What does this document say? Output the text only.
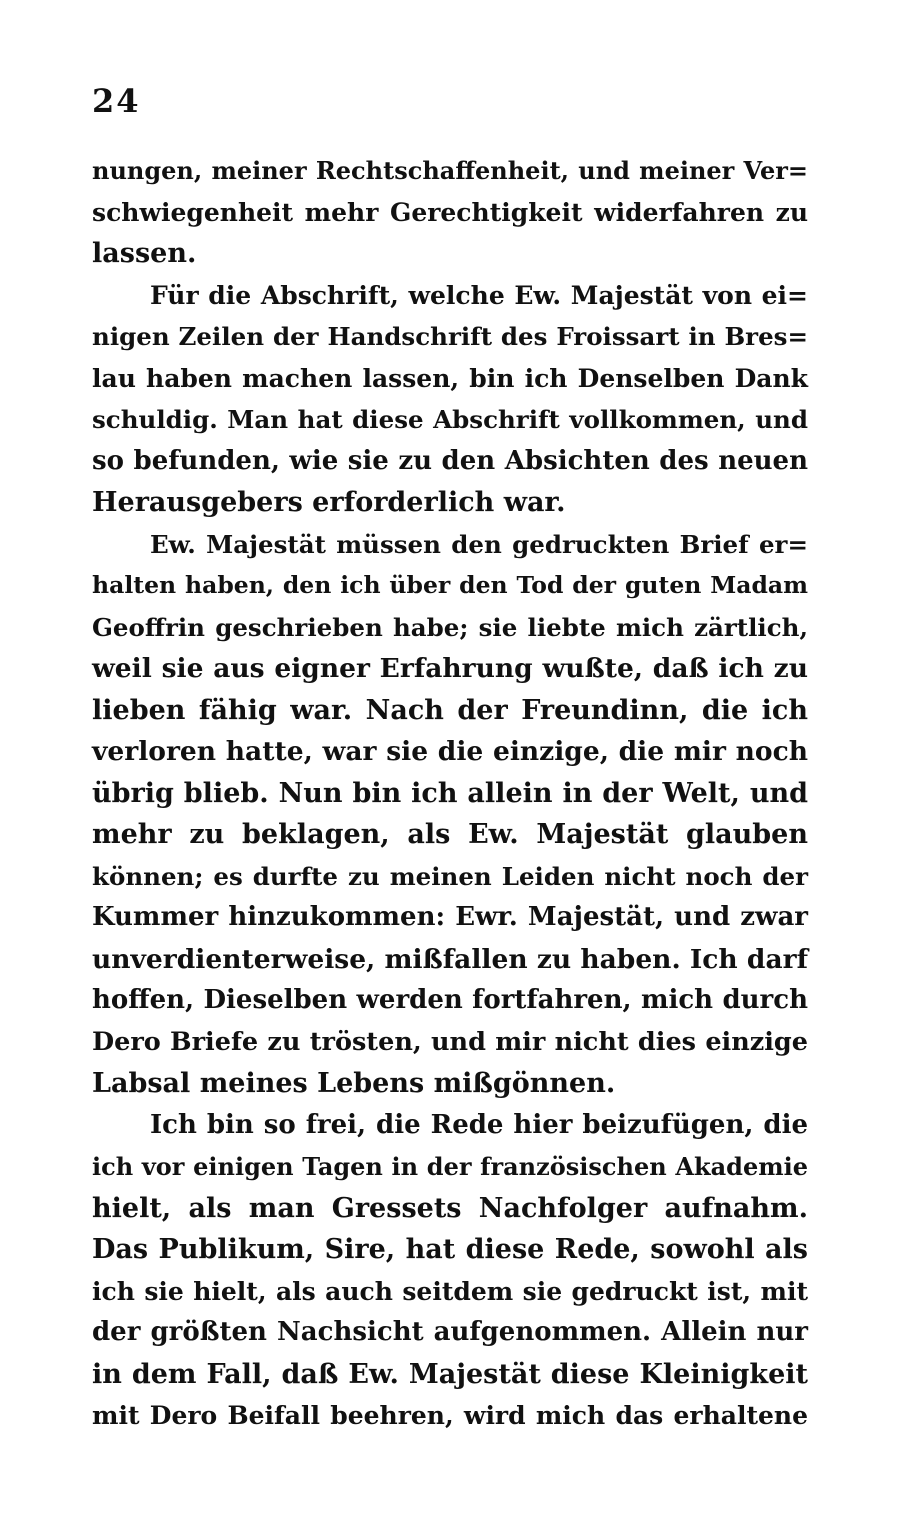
24
nungen, meiner Rechtschaffenheit, und meiner Ver=
schwiegenheit mehr Gerechtigkeit widerfahren zu
lassen.
Für die Abschrift, welche Ew. Majestät von ei=
nigen Zeilen der Handschrift des Froissart in Bres=
lau haben machen lassen, bin ich Denselben Dank
schuldig. Man hat diese Abschrift vollkommen, und
so befunden, wie sie zu den Absichten des neuen
Herausgebers erforderlich war.
Ew. Majestät müssen den gedruckten Brief er=
halten haben, den ich über den Tod der guten Madam
Geoffrin geschrieben habe; sie liebte mich zärtlich,
weil sie aus eigner Erfahrung wußte, daß ich zu
lieben fähig war. Nach der Freundinn, die ich
verloren hatte, war sie die einzige, die mir noch
übrig blieb. Nun bin ich allein in der Welt, und
mehr zu beklagen, als Ew. Majestät glauben
können; es durfte zu meinen Leiden nicht noch der
Kummer hinzukommen: Ewr. Majestät, und zwar
unverdienterweise, mißfallen zu haben. Ich darf
hoffen, Dieselben werden fortfahren, mich durch
Dero Briefe zu trösten, und mir nicht dies einzige
Labsal meines Lebens mißgönnen.
Ich bin so frei, die Rede hier beizufügen, die
ich vor einigen Tagen in der französischen Akademie
hielt, als man Gressets Nachfolger aufnahm.
Das Publikum, Sire, hat diese Rede, sowohl als
ich sie hielt, als auch seitdem sie gedruckt ist, mit
der größten Nachsicht aufgenommen. Allein nur
in dem Fall, daß Ew. Majestät diese Kleinigkeit
mit Dero Beifall beehren, wird mich das erhaltene
